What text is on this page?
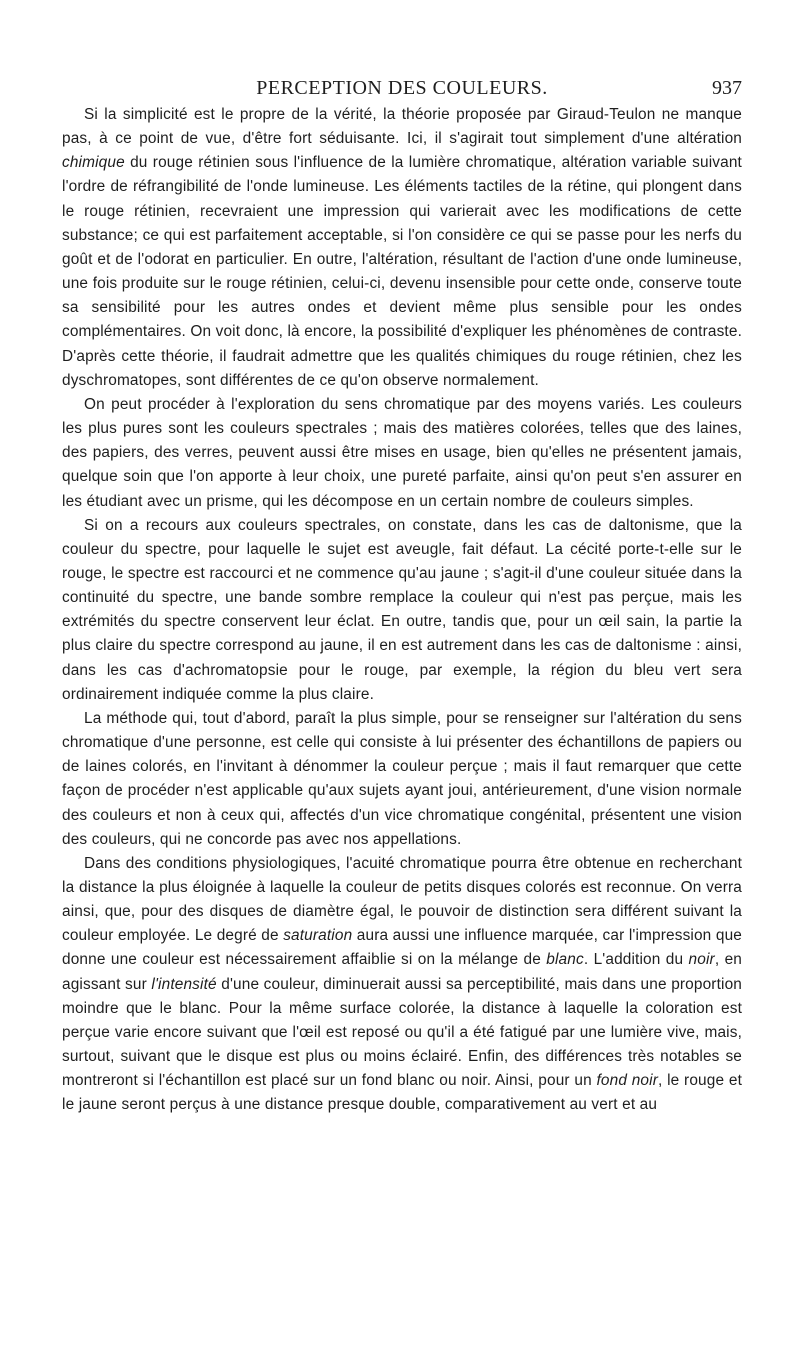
PERCEPTION DES COULEURS.	937

Si la simplicité est le propre de la vérité, la théorie proposée par Giraud-Teulon ne manque pas, à ce point de vue, d'être fort séduisante. Ici, il s'agirait tout simplement d'une altération chimique du rouge rétinien sous l'influence de la lumière chromatique, altération variable suivant l'ordre de réfrangibilité de l'onde lumineuse. Les éléments tactiles de la rétine, qui plongent dans le rouge rétinien, recevraient une impression qui varierait avec les modifications de cette substance; ce qui est parfaitement acceptable, si l'on considère ce qui se passe pour les nerfs du goût et de l'odorat en particulier. En outre, l'altération, résultant de l'action d'une onde lumineuse, une fois produite sur le rouge rétinien, celui-ci, devenu insensible pour cette onde, conserve toute sa sensibilité pour les autres ondes et devient même plus sensible pour les ondes complémentaires. On voit donc, là encore, la possibilité d'expliquer les phénomènes de contraste. D'après cette théorie, il faudrait admettre que les qualités chimiques du rouge rétinien, chez les dyschromatopes, sont différentes de ce qu'on observe normalement.

On peut procéder à l'exploration du sens chromatique par des moyens variés. Les couleurs les plus pures sont les couleurs spectrales ; mais des matières colorées, telles que des laines, des papiers, des verres, peuvent aussi être mises en usage, bien qu'elles ne présentent jamais, quelque soin que l'on apporte à leur choix, une pureté parfaite, ainsi qu'on peut s'en assurer en les étudiant avec un prisme, qui les décompose en un certain nombre de couleurs simples.

Si on a recours aux couleurs spectrales, on constate, dans les cas de daltonisme, que la couleur du spectre, pour laquelle le sujet est aveugle, fait défaut. La cécité porte-t-elle sur le rouge, le spectre est raccourci et ne commence qu'au jaune ; s'agit-il d'une couleur située dans la continuité du spectre, une bande sombre remplace la couleur qui n'est pas perçue, mais les extrémités du spectre conservent leur éclat. En outre, tandis que, pour un œil sain, la partie la plus claire du spectre correspond au jaune, il en est autrement dans les cas de daltonisme : ainsi, dans les cas d'achromatopsie pour le rouge, par exemple, la région du bleu vert sera ordinairement indiquée comme la plus claire.

La méthode qui, tout d'abord, paraît la plus simple, pour se renseigner sur l'altération du sens chromatique d'une personne, est celle qui consiste à lui présenter des échantillons de papiers ou de laines colorés, en l'invitant à dénommer la couleur perçue ; mais il faut remarquer que cette façon de procéder n'est applicable qu'aux sujets ayant joui, antérieurement, d'une vision normale des couleurs et non à ceux qui, affectés d'un vice chromatique congénital, présentent une vision des couleurs, qui ne concorde pas avec nos appellations.

Dans des conditions physiologiques, l'acuité chromatique pourra être obtenue en recherchant la distance la plus éloignée à laquelle la couleur de petits disques colorés est reconnue. On verra ainsi, que, pour des disques de diamètre égal, le pouvoir de distinction sera différent suivant la couleur employée. Le degré de saturation aura aussi une influence marquée, car l'impression que donne une couleur est nécessairement affaiblie si on la mélange de blanc. L'addition du noir, en agissant sur l'intensité d'une couleur, diminuerait aussi sa perceptibilité, mais dans une proportion moindre que le blanc. Pour la même surface colorée, la distance à laquelle la coloration est perçue varie encore suivant que l'œil est reposé ou qu'il a été fatigué par une lumière vive, mais, surtout, suivant que le disque est plus ou moins éclairé. Enfin, des différences très notables se montreront si l'échantillon est placé sur un fond blanc ou noir. Ainsi, pour un fond noir, le rouge et le jaune seront perçus à une distance presque double, comparativement au vert et au
